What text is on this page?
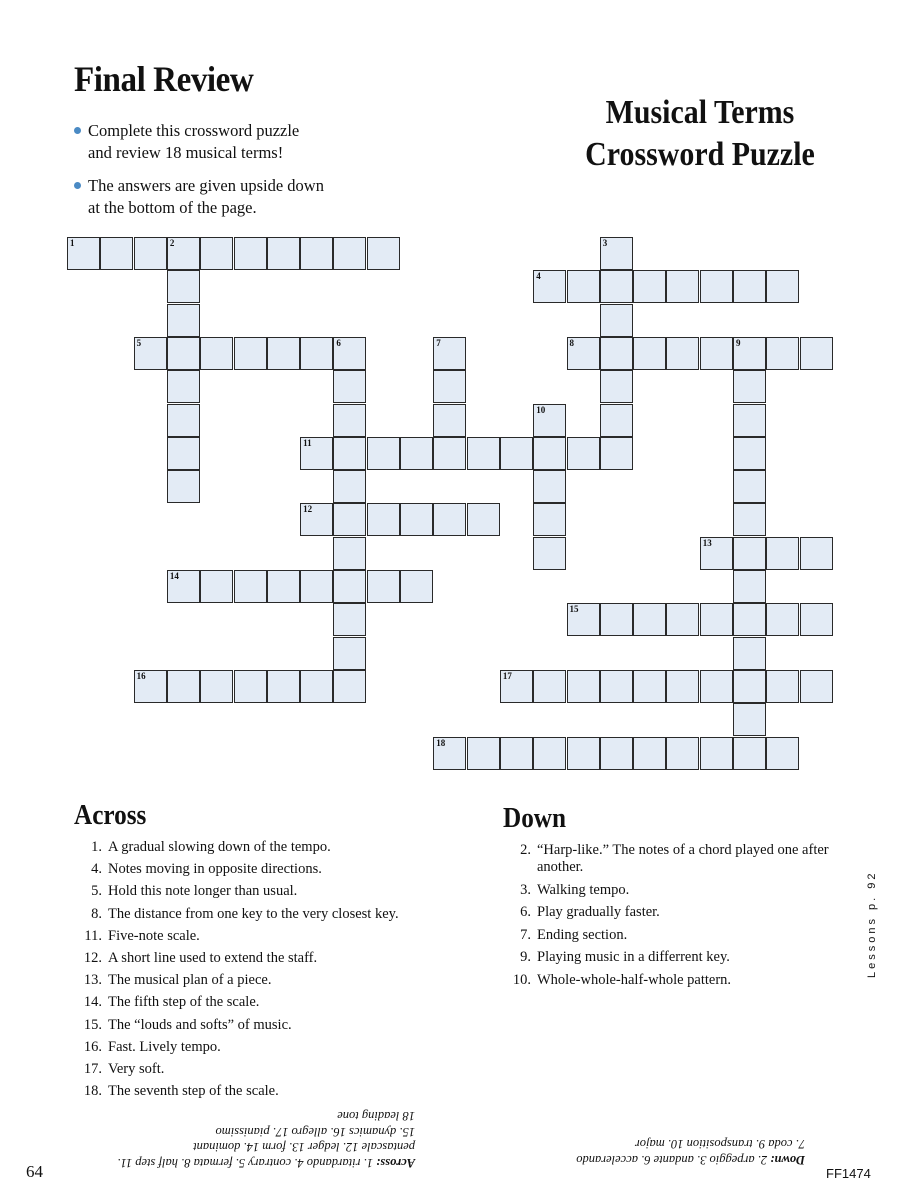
Final Review
Musical Terms
Crossword Puzzle
Complete this crossword puzzle
and review 18 musical terms!
The answers are given upside down
at the bottom of the page.
1	2	3
4
5	6	7	8	9
10
11
12
13
14
15
16	17
18
Across
1. A gradual slowing down of the tempo.
4. Notes moving in opposite directions.
5. Hold this note longer than usual.
8. The distance from one key to the very closest key.
11. Five-note scale.
12. A short line used to extend the staff.
13. The musical plan of a piece.
14. The fifth step of the scale.
15. The “louds and softs” of music.
16. Fast. Lively tempo.
17. Very soft.
18. The seventh step of the scale.
Down
2. “Harp-like.” The notes of a chord played one after another.
3. Walking tempo.
6. Play gradually faster.
7. Ending section.
9. Playing music in a differrent key.
10. Whole-whole-half-whole pattern.
Across: 1. ritardando 4. contrary 5. fermata 8. half step 11.
pentascale 12. ledger 13. form 14. dominant
15. dynamics 16. allegro 17. pianissimo
18 leading tone
Down: 2. arpeggio 3. andante 6. accelerando
7. coda 9. transposition 10. major
Lessons p. 92

64	FF1474
